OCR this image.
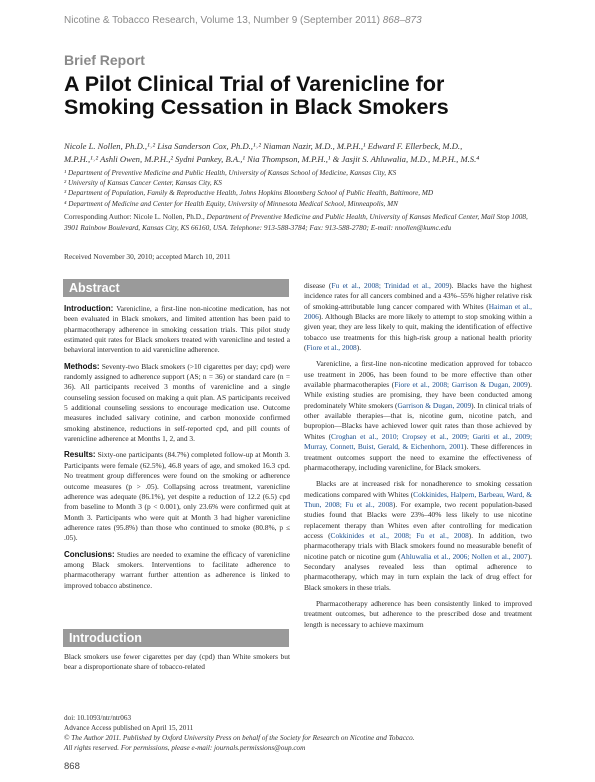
Nicotine & Tobacco Research, Volume 13, Number 9 (September 2011) 868–873
Brief Report
A Pilot Clinical Trial of Varenicline for
Smoking Cessation in Black Smokers
Nicole L. Nollen, Ph.D.,¹˒² Lisa Sanderson Cox, Ph.D.,¹˒² Niaman Nazir, M.D., M.P.H.,¹ Edward F. Ellerbeck, M.D.,
M.P.H.,¹˒² Ashli Owen, M.P.H.,² Sydni Pankey, B.A.,¹ Nia Thompson, M.P.H.,¹ & Jasjit S. Ahluwalia, M.D., M.P.H., M.S.⁴
¹ Department of Preventive Medicine and Public Health, University of Kansas School of Medicine, Kansas City, KS
² University of Kansas Cancer Center, Kansas City, KS
³ Department of Population, Family & Reproductive Health, Johns Hopkins Bloomberg School of Public Health, Baltimore, MD
⁴ Department of Medicine and Center for Health Equity, University of Minnesota Medical School, Minneapolis, MN
Corresponding Author: Nicole L. Nollen, Ph.D., Department of Preventive Medicine and Public Health, University of Kansas Medical Center, Mail Stop 1008, 3901 Rainbow Boulevard, Kansas City, KS 66160, USA. Telephone: 913-588-3784; Fax: 913-588-2780; E-mail: nnollen@kumc.edu
Received November 30, 2010; accepted March 10, 2011
Abstract

Introduction: Varenicline, a first-line non-nicotine medication, has not been evaluated in Black smokers, and limited attention has been paid to pharmacotherapy adherence in smoking cessation trials. This pilot study estimated quit rates for Black smokers treated with varenicline and tested a behavioral intervention to aid varenicline adherence.

Methods: Seventy-two Black smokers (>10 cigarettes per day; cpd) were randomly assigned to adherence support (AS; n = 36) or standard care (n = 36). All participants received 3 months of varenicline and a single counseling session focused on making a quit plan. AS participants received 5 additional counseling sessions to encourage medication use. Outcome measures included salivary cotinine, and carbon monoxide confirmed smoking abstinence, reductions in self-reported cpd, and pill counts of varenicline adherence at Months 1, 2, and 3.

Results: Sixty-one participants (84.7%) completed follow-up at Month 3. Participants were female (62.5%), 46.8 years of age, and smoked 16.3 cpd. No treatment group differences were found on the smoking or adherence outcome measures (p > .05). Collapsing across treatment, varenicline adherence was adequate (86.1%), yet despite a reduction of 12.2 (6.5) cpd from baseline to Month 3 (p < 0.001), only 23.6% were confirmed quit at Month 3. Participants who were quit at Month 3 had higher varenicline adherence rates (95.8%) than those who continued to smoke (80.8%, p ≤ .05).

Conclusions: Studies are needed to examine the efficacy of varenicline among Black smokers. Interventions to facilitate adherence to pharmacotherapy warrant further attention as adherence is linked to improved tobacco abstinence.

Introduction

Black smokers use fewer cigarettes per day (cpd) than White smokers but bear a disproportionate share of tobacco-related

disease (Fu et al., 2008; Trinidad et al., 2009). Blacks have the highest incidence rates for all cancers combined and a 43%–55% higher relative risk of smoking-attributable lung cancer compared with Whites (Haiman et al., 2006). Although Blacks are more likely to attempt to stop smoking within a given year, they are less likely to quit, making the identification of effective tobacco use treatments for this high-risk group a national health priority (Fiore et al., 2008).

Varenicline, a first-line non-nicotine medication approved for tobacco use treatment in 2006, has been found to be more effective than other available pharmacotherapies (Fiore et al., 2008; Garrison & Dugan, 2009). While existing studies are promising, they have been conducted among predominately White smokers (Garrison & Dugan, 2009). In clinical trials of other available therapies—that is, nicotine gum, nicotine patch, and bupropion—Blacks have achieved lower quit rates than those achieved by Whites (Croghan et al., 2010; Cropsey et al., 2009; Gariti et al., 2009; Murray, Connett, Buist, Gerald, & Eichenhorn, 2001). These differences in treatment outcomes support the need to examine the effectiveness of pharmacotherapy, including varenicline, for Black smokers.

Blacks are at increased risk for nonadherence to smoking cessation medications compared with Whites (Cokkinides, Halpern, Barbeau, Ward, & Thun, 2008; Fu et al., 2008). For example, two recent population-based studies found that Blacks were 23%–40% less likely to use nicotine replacement therapy than Whites even after controlling for medication access (Cokkinides et al., 2008; Fu et al., 2008). In addition, two pharmacotherapy trials with Black smokers found no measurable benefit of nicotine patch or nicotine gum (Ahluwalia et al., 2006; Nollen et al., 2007). Secondary analyses revealed less than optimal adherence to pharmacotherapy, which may in turn explain the lack of drug effect for Black smokers in these trials.

Pharmacotherapy adherence has been consistently linked to improved treatment outcomes, but adherence to the prescribed dose and treatment length is necessary to achieve maximum

doi: 10.1093/ntr/ntr063
Advance Access published on April 15, 2011
© The Author 2011. Published by Oxford University Press on behalf of the Society for Research on Nicotine and Tobacco.
All rights reserved. For permissions, please e-mail: journals.permissions@oup.com
868
